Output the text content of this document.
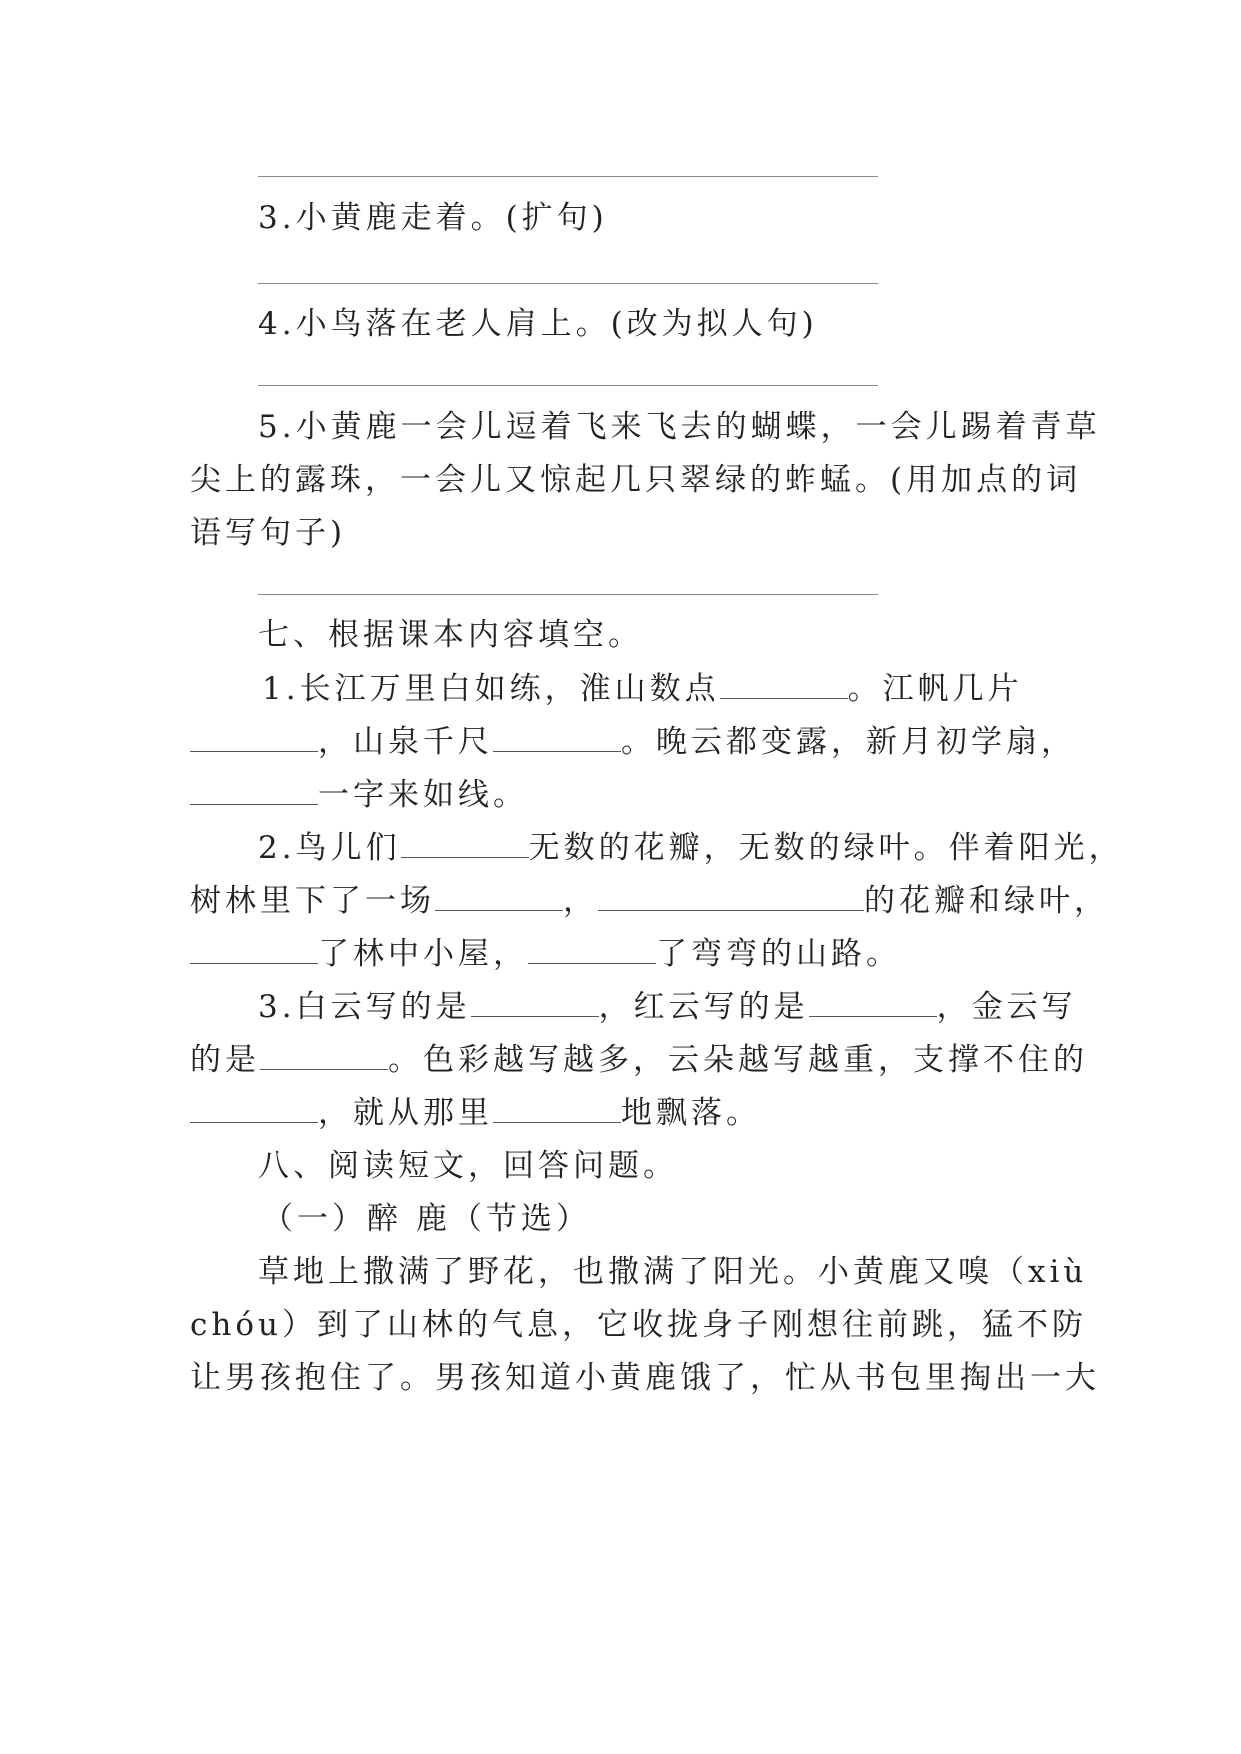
3.小黄鹿走着。(扩句)
4.小鸟落在老人肩上。(改为拟人句)
5.小黄鹿一会儿逗着飞来飞去的蝴蝶，一会儿踢着青草
尖上的露珠，一会儿又惊起几只翠绿的蚱蜢。(用加点的词
语写句子)
七、根据课本内容填空。
1.长江万里白如练，淮山数点	。江帆几片
，山泉千尺	。晚云都变露，新月初学扇，
一字来如线。
2.鸟儿们	无数的花瓣，无数的绿叶。伴着阳光，
树林里下了一场	，	的花瓣和绿叶，
了林中小屋，	了弯弯的山路。
3.白云写的是	，红云写的是	，金云写
的是	。色彩越写越多，云朵越写越重，支撑不住的
，就从那里	地飘落。
八、阅读短文，回答问题。
（一）醉 鹿（节选）
草地上撒满了野花，也撒满了阳光。小黄鹿又嗅（xiù
chóu）到了山林的气息，它收拢身子刚想往前跳，猛不防
让男孩抱住了。男孩知道小黄鹿饿了，忙从书包里掏出一大
